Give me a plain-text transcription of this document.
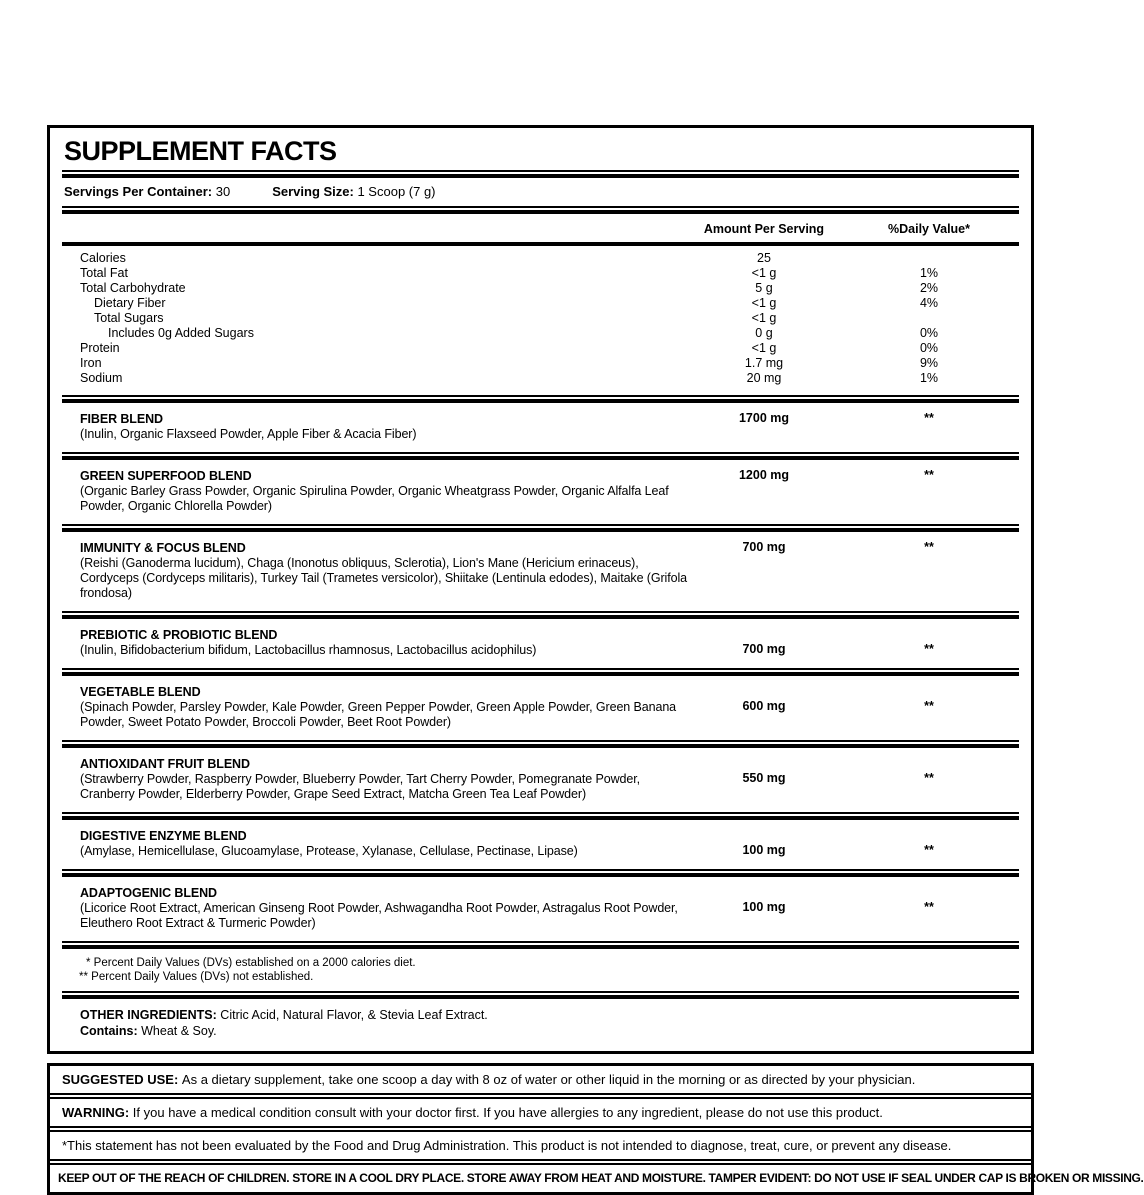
SUPPLEMENT FACTS
Servings Per Container: 30	Serving Size: 1 Scoop (7 g)
Amount Per Serving	%Daily Value*
Calories	25
Total Fat	<1 g	1%
Total Carbohydrate	5 g	2%
Dietary Fiber	<1 g	4%
Total Sugars	<1 g
Includes 0g Added Sugars	0 g	0%
Protein	<1 g	0%
Iron	1.7 mg	9%
Sodium	20 mg	1%
FIBER BLEND
(Inulin, Organic Flaxseed Powder, Apple Fiber & Acacia Fiber)
1700 mg	**
GREEN SUPERFOOD BLEND
(Organic Barley Grass Powder, Organic Spirulina Powder, Organic Wheatgrass Powder, Organic Alfalfa Leaf Powder, Organic Chlorella Powder)
1200 mg	**
IMMUNITY & FOCUS BLEND
(Reishi (Ganoderma lucidum), Chaga (Inonotus obliquus, Sclerotia), Lion's Mane (Hericium erinaceus), Cordyceps (Cordyceps militaris), Turkey Tail (Trametes versicolor), Shiitake (Lentinula edodes), Maitake (Grifola frondosa)
700 mg	**
PREBIOTIC & PROBIOTIC BLEND
(Inulin, Bifidobacterium bifidum, Lactobacillus rhamnosus, Lactobacillus acidophilus)	700 mg	**
VEGETABLE BLEND
(Spinach Powder, Parsley Powder, Kale Powder, Green Pepper Powder, Green Apple Powder, Green Banana Powder, Sweet Potato Powder, Broccoli Powder, Beet Root Powder)
600 mg	**
ANTIOXIDANT FRUIT BLEND
(Strawberry Powder, Raspberry Powder, Blueberry Powder, Tart Cherry Powder, Pomegranate Powder, Cranberry Powder, Elderberry Powder, Grape Seed Extract, Matcha Green Tea Leaf Powder)
550 mg	**
DIGESTIVE ENZYME BLEND
(Amylase, Hemicellulase, Glucoamylase, Protease, Xylanase, Cellulase, Pectinase, Lipase)	100 mg	**
ADAPTOGENIC BLEND
(Licorice Root Extract, American Ginseng Root Powder, Ashwagandha Root Powder, Astragalus Root Powder, Eleuthero Root Extract & Turmeric Powder)
100 mg	**
* Percent Daily Values (DVs) established on a 2000 calories diet.
** Percent Daily Values (DVs) not established.
OTHER INGREDIENTS: Citric Acid, Natural Flavor, & Stevia Leaf Extract.
Contains: Wheat & Soy.
SUGGESTED USE: As a dietary supplement, take one scoop a day with 8 oz of water or other liquid in the morning or as directed by your physician.
WARNING: If you have a medical condition consult with your doctor first. If you have allergies to any ingredient, please do not use this product.
*This statement has not been evaluated by the Food and Drug Administration. This product is not intended to diagnose, treat, cure, or prevent any disease.
KEEP OUT OF THE REACH OF CHILDREN. STORE IN A COOL DRY PLACE. STORE AWAY FROM HEAT AND MOISTURE. TAMPER EVIDENT: DO NOT USE IF SEAL UNDER CAP IS BROKEN OR MISSING.
